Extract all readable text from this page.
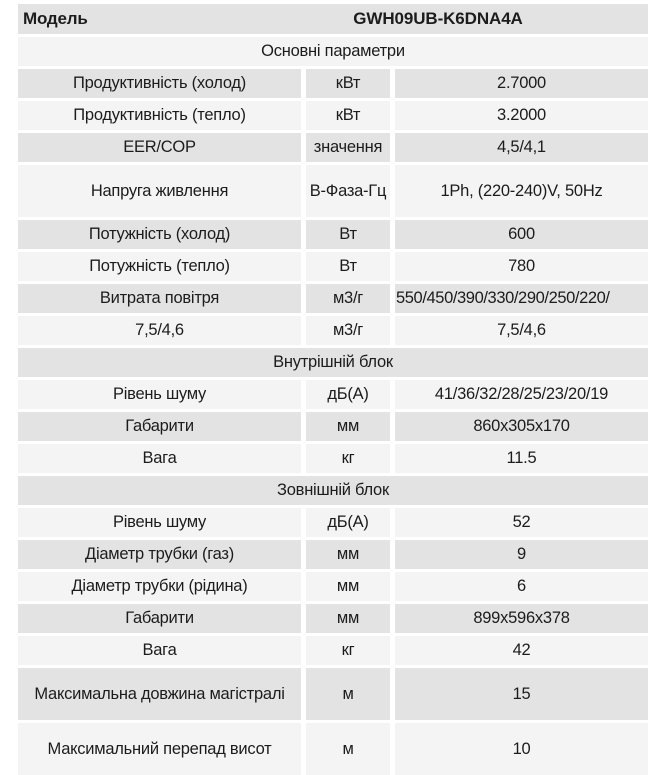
Модель	GWH09UB-K6DNA4A
Основні параметри
Продуктивність (холод)	кВт	2.7000
Продуктивність (тепло)	кВт	3.2000
EER/COP	значення	4,5/4,1
Напруга живлення	В-Фаза-Гц	1Ph, (220-240)V, 50Hz
Потужність (холод)	Вт	600
Потужність (тепло)	Вт	780
Витрата повітря	м3/г	550/450/390/330/290/250/220/
7,5/4,6	м3/г	7,5/4,6
Внутрішній блок
Рівень шуму	дБ(А)	41/36/32/28/25/23/20/19
Габарити	мм	860x305x170
Вага	кг	11.5
Зовнішній блок
Рівень шуму	дБ(А)	52
Діаметр трубки (газ)	мм	9
Діаметр трубки (рідина)	мм	6
Габарити	мм	899x596x378
Вага	кг	42
Максимальна довжина магістралі	м	15
Максимальний перепад висот	м	10
